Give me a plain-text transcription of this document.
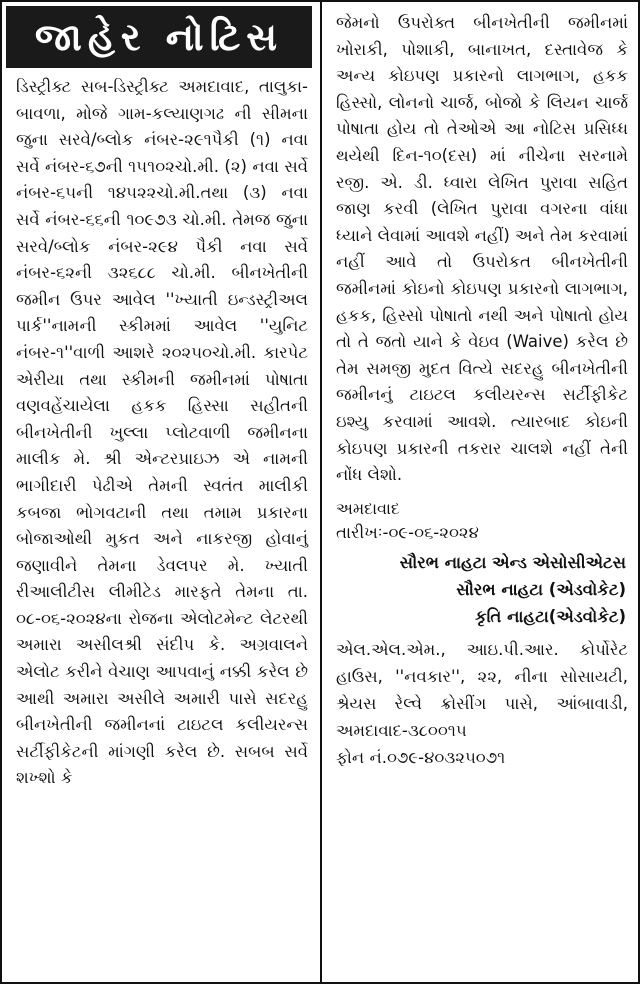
જાહેર નોટિસ
ડિસ્ટ્રીક્ટ સબ-ડિસ્ટ્રીક્ટ અમદાવાદ, તાલુકા-બાવળા, મોજે ગામ-કલ્યાણગઢ ની સીમના જુના સરવે/બ્લોક નંબર-૨૯૧પૈકી (૧) નવા સર્વે નંબર-૬૭ની ૧૫૧૦૨ચો.મી. (૨) નવા સર્વે નંબર-૬૫ની ૧૪૫૨૨ચો.મી.તથા (૩) નવા સર્વે નંબર-૬૬ની ૧૦૯૭૩ ચો.મી. તેમજ જુના સરવે/બ્લોક નંબર-૨૯૪ પૈકી નવા સર્વે નંબર-૬૨ની ૩૨૬૮૮ ચો.મી. બીનખેતીની જમીન ઉપર આવેલ ''ખ્યાતી ઇન્ડસ્ટ્રીઅલ પાર્ક''નામની સ્કીમમાં આવેલ ''યુનિટ નંબર-૧''વાળી આશરે ૨૦૨૫૦ચો.મી. કારપેટ એરીયા તથા સ્કીમની જમીનમાં પોષાતા વણવહેંચાયેલા હકક હિસ્સા સહીતની બીનખેતીની ખુલ્લા પ્લોટવાળી જમીનના માલીક મે. શ્રી એન્ટરપ્રાઇઝ એ નામની ભાગીદારી પેઢીએ તેમની સ્વતંત માલીકી કબજા ભોગવટાની તથા તમામ પ્રકારના બોજાઓથી મુકત અને નાકરજી હોવાનું જણાવીને તેમના ડેવલપર મે. ખ્યાતી રીઆલીટીસ લીમીટેડ મારફતે તેમના તા. ૦૮-૦૬-૨૦૨૪ના રોજના એલોટમેન્ટ લેટરથી અમારા અસીલશ્રી સંદીપ કે. અગ્રવાલને એલોટ કરીને વેચાણ આપવાનું નક્કી કરેલ છે આથી અમારા અસીલે અમારી પાસે સદરહુ બીનખેતીની જમીનનાં ટાઇટલ કલીયરન્સ સર્ટીફીકેટની માંગણી કરેલ છે. સબબ સર્વે શખ્શો કે
જેમનો ઉપરોક્ત બીનખેતીની જમીનમાં ખોરાકી, પોશાકી, બાનાખત, દસ્તાવેજ કે અન્ય કોઇપણ પ્રકારનો લાગભાગ, હકક હિસ્સો, લોનનો ચાર્જ, બોજો કે લિયન ચાર્જ પોષાતા હોય તો તેઓએ આ નોટિસ પ્રસિધ્ધ થયેથી દિન-૧૦(દસ) માં નીચેના સરનામે રજી. એ. ડી. ધ્વારા લેખિત પુરાવા સહિત જાણ કરવી (લેખિત પુરાવા વગરના વાંધા ધ્યાને લેવામાં આવશે નહીં) અને તેમ કરવામાં નહીં આવે તો ઉપરોકત બીનખેતીની જમીનમાં કોઇનો કોઇપણ પ્રકારનો લાગભાગ, હકક, હિસ્સો પોષાતો નથી અને પોષાતો હોય તો તે જતો યાને કે વેઇવ (Waive) કરેલ છે તેમ સમજી મુદત વિત્યે સદરહુ બીનખેતીની જમીનનું ટાઇટલ કલીયરન્સ સર્ટીફીકેટ ઇશ્યુ કરવામાં આવશે. ત્યારબાદ કોઇની કોઇપણ પ્રકારની તકરાર ચાલશે નહીં તેની નોંધ લેશો.
અમદાવાદ
તારીખઃ-૦૯-૦૬-૨૦૨૪
સૌરભ નાહટા એન્ડ એસોસીએટસ
સૌરભ નાહટા (એડવોકેટ)
કૃતિ નાહટા(એડવોકેટ)
એલ.એલ.એમ., આઇ.પી.આર. કોર્પોરેટ હાઉસ, ''નવકાર'', ૨૨, નીના સોસાયટી, શ્રેયસ રેલ્વે ક્રોસીંગ પાસે, આંબાવાડી, અમદાવાદ-૩૮૦૦૧૫
ફોન નં.૦૭૯-૪૦૩૨૫૦૭૧
